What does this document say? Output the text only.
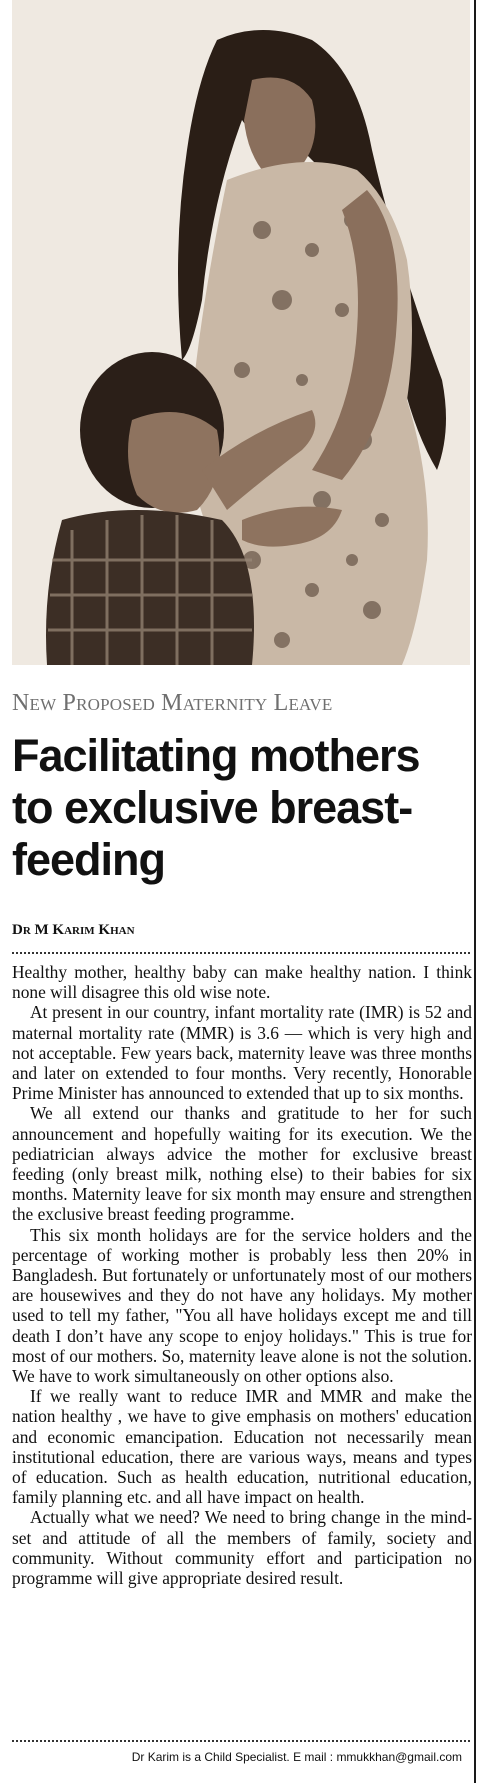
New Proposed Maternity Leave
Facilitating mothers
to exclusive breast-
feeding
Dr M Karim Khan

Healthy mother, healthy baby can make healthy nation. I think none will disagree this old wise note.

At present in our country, infant mortality rate (IMR) is 52 and maternal mortality rate (MMR) is 3.6 — which is very high and not acceptable. Few years back, maternity leave was three months and later on extended to four months. Very recently, Honorable Prime Minister has announced to extended that up to six months.

We all extend our thanks and gratitude to her for such announcement and hopefully waiting for its execution. We the pediatrician always advice the mother for exclusive breast feeding (only breast milk, nothing else) to their babies for six months. Maternity leave for six month may ensure and strengthen the exclusive breast feeding programme.

This six month holidays are for the service holders and the percentage of working mother is probably less then 20% in Bangladesh. But fortunately or unfortunately most of our mothers are housewives and they do not have any holidays. My mother used to tell my father, "You all have holidays except me and till death I don’t have any scope to enjoy holidays." This is true for most of our mothers. So, maternity leave alone is not the solution. We have to work simultaneously on other options also.

If we really want to reduce IMR and MMR and make the nation healthy , we have to give emphasis on mothers' education and economic emancipation. Education not necessarily mean institutional education, there are various ways, means and types of education. Such as health education, nutritional education, family planning etc. and all have impact on health.

Actually what we need? We need to bring change in the mind-set and attitude of all the members of family, society and community. Without community effort and participation no programme will give appropriate desired result.

Dr Karim is a Child Specialist. E mail : mmukkhan@gmail.com
